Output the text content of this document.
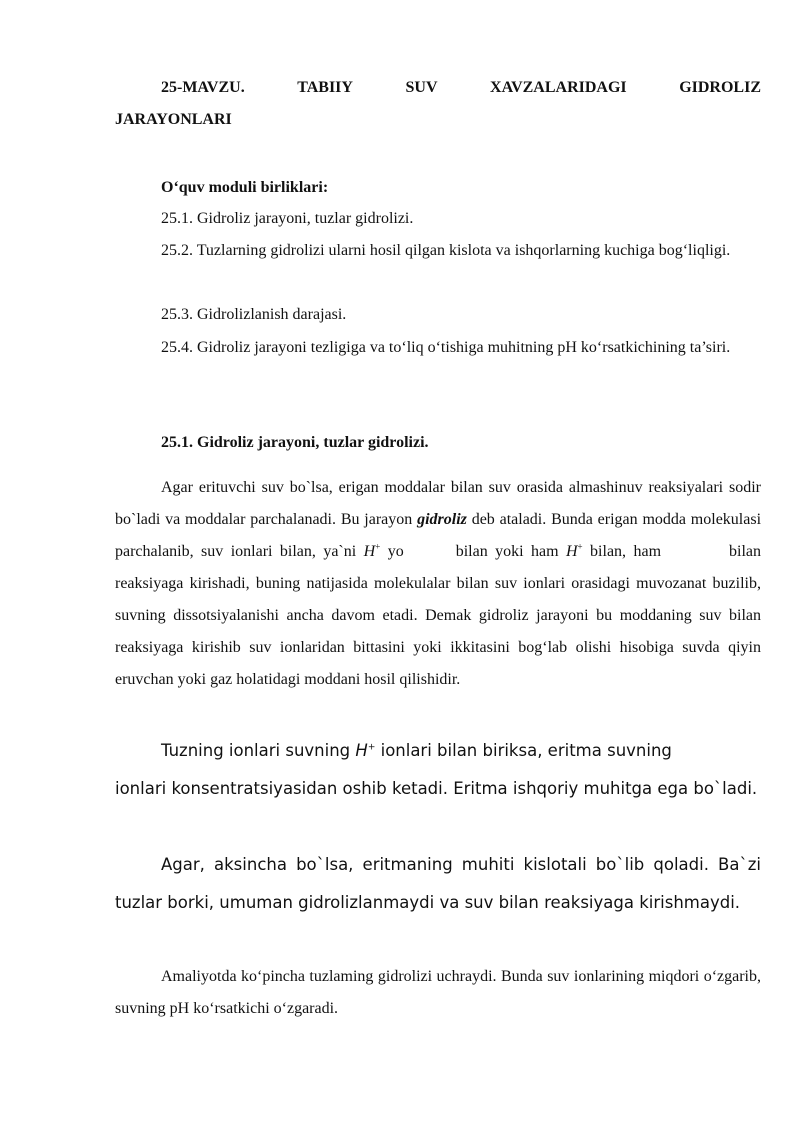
25-MAVZU.	TABIIY	SUV	XAVZALARIDAGI	GIDROLIZ
JARAYONLARI

O‘quv moduli birliklari:

25.1. Gidroliz jarayoni, tuzlar gidrolizi.

25.2. Tuzlarning gidrolizi ularni hosil qilgan kislota va ishqorlarning kuchiga bog‘liqligi.

25.3. Gidrolizlanish darajasi.

25.4. Gidroliz jarayoni tezligiga va to‘liq o‘tishiga muhitning pH ko‘rsatkichining ta’siri.

25.1. Gidroliz jarayoni, tuzlar gidrolizi.

Agar erituvchi suv bo`lsa, erigan moddalar bilan suv orasida almashinuv reaksiyalari sodir bo`ladi va moddalar parchalanadi. Bu jarayon gidroliz deb ataladi. Bunda erigan modda molekulasi parchalanib, suv ionlari bilan, ya`ni H+ yo	bilan yoki ham H+ bilan, ham	bilan reaksiyaga kirishadi, buning natijasida molekulalar bilan suv ionlari orasidagi muvozanat buzilib, suvning dissotsiyalanishi ancha davom etadi. Demak gidroliz jarayoni bu moddaning suv bilan reaksiyaga kirishib suv ionlaridan bittasini yoki ikkitasini bog‘lab olishi hisobiga suvda qiyin eruvchan yoki gaz holatidagi moddani hosil qilishidir.

Tuzning ionlari suvning H+ ionlari bilan biriksa, eritma suvning
ionlari konsentratsiyasidan oshib ketadi. Eritma ishqoriy muhitga ega bo`ladi.

Agar, aksincha bo`lsa, eritmaning muhiti kislotali bo`lib qoladi. Ba`zi tuzlar borki, umuman gidrolizlanmaydi va suv bilan reaksiyaga kirishmaydi.

Amaliyotda ko‘pincha tuzlaming gidrolizi uchraydi. Bunda suv ionlarining miqdori o‘zgarib, suvning pH ko‘rsatkichi o‘zgaradi.
